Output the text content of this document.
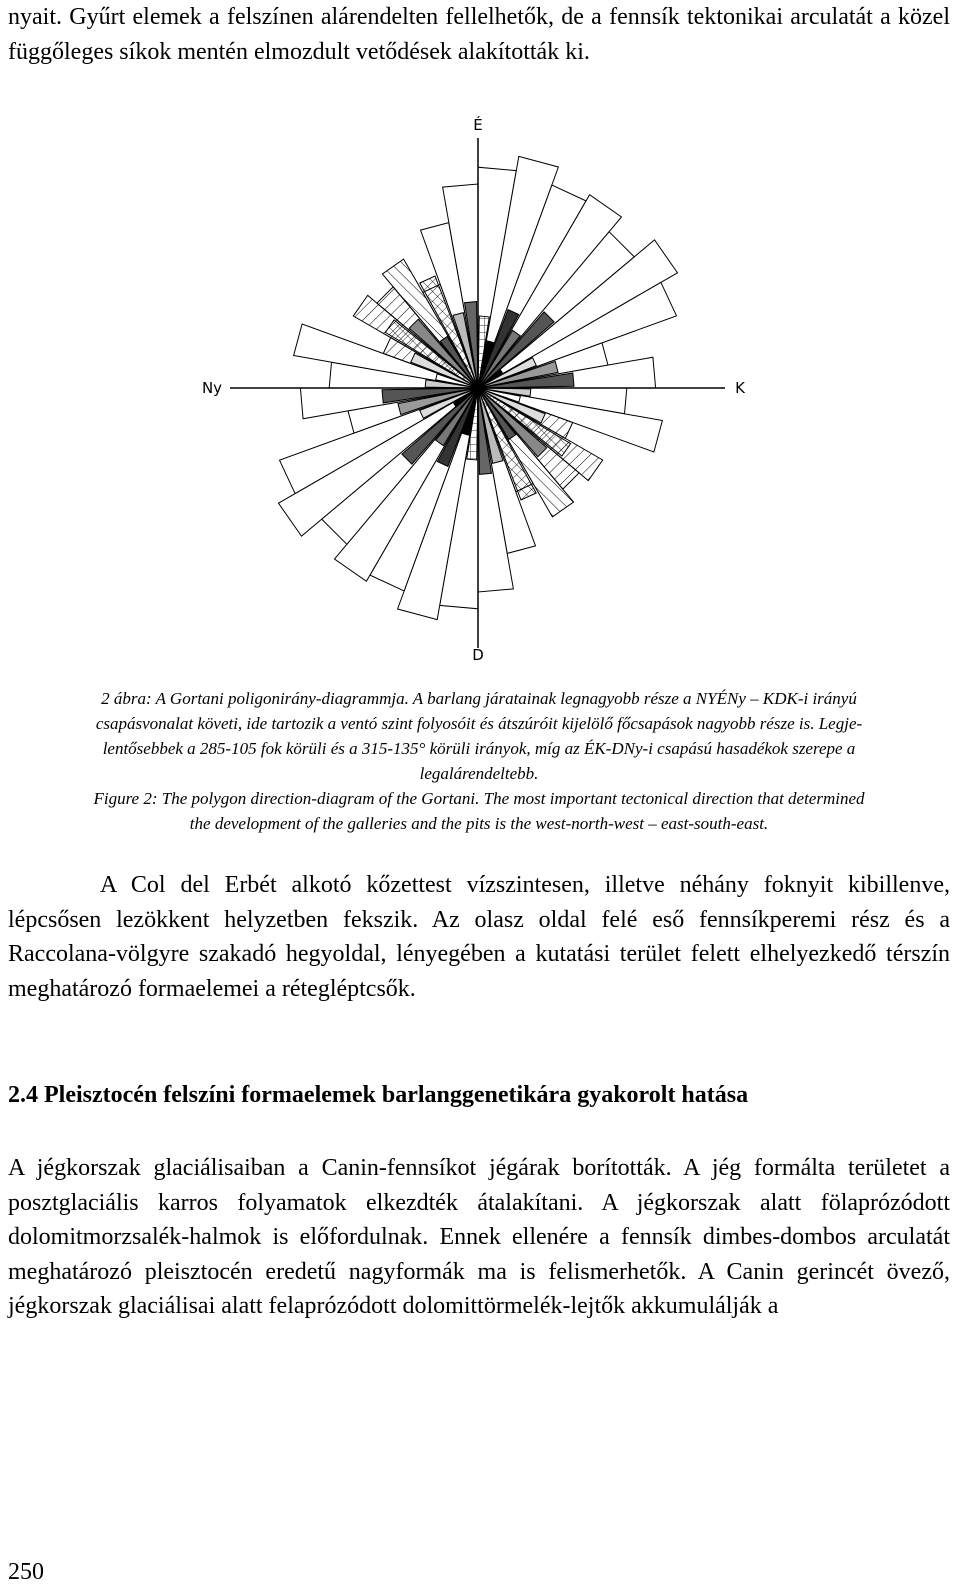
nyait. Gyűrt elemek a felszínen alárendelten fellelhetők, de a fennsík tektonikai arculatát a közel függőleges síkok mentén elmozdult vetődések alakították ki.

É
D
Ny	K

2 ábra: A Gortani poligonirány-diagrammja. A barlang járatainak legnagyobb része a NYÉNy – KDK-i irányú

csapásvonalat követi, ide tartozik a ventó szint folyosóit és átszúróit kijelölő főcsapások nagyobb része is. Legje-

lentősebbek a 285-105 fok körüli és a 315-135° körüli irányok, míg az ÉK-DNy-i csapású hasadékok szerepe a

legalárendeltebb.

Figure 2: The polygon direction-diagram of the Gortani. The most important tectonical direction that determined

the development of the galleries and the pits is the west-north-west – east-south-east.

A Col del Erbét alkotó kőzettest vízszintesen, illetve néhány foknyit kibillenve, lépcsősen lezökkent helyzetben fekszik. Az olasz oldal felé eső fennsíkperemi rész és a Raccolana-völgyre szakadó hegyoldal, lényegében a kutatási terület felett elhelyezkedő térszín meghatározó formaelemei a rétegléptcsők.

2.4 Pleisztocén felszíni formaelemek barlanggenetikára gyakorolt hatása

A jégkorszak glaciálisaiban a Canin-fennsíkot jégárak borították. A jég formálta területet a posztglaciális karros folyamatok elkezdték átalakítani. A jégkorszak alatt fölaprózódott dolomitmorzsalék-halmok is előfordulnak. Ennek ellenére a fennsík dimbes-dombos arculatát meghatározó pleisztocén eredetű nagyformák ma is felismerhetők. A Canin gerincét övező, jégkorszak glaciálisai alatt felaprózódott dolomittörmelék-lejtők akkumulálják a

250
